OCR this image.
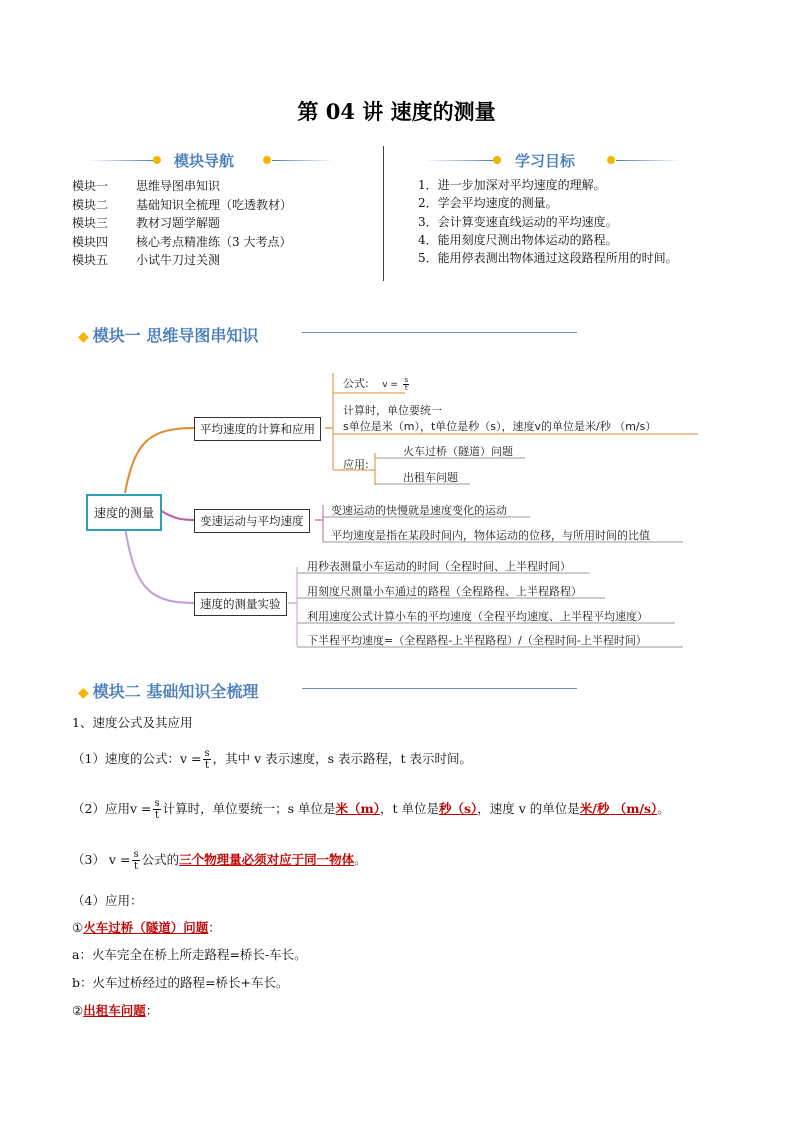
第 04 讲 速度的测量
模块导航
模块一 思维导图串知识
模块二 基础知识全梳理（吃透教材）
模块三 教材习题学解题
模块四 核心考点精准练（3 大考点）
模块五 小试牛刀过关测
学习目标
1．进一步加深对平均速度的理解。
2．学会平均速度的测量。
3．会计算变速直线运动的平均速度。
4．能用刻度尺测出物体运动的路程。
5．能用停表测出物体通过这段路程所用的时间。
◆ 模块一 思维导图串知识
速度的测量
平均速度的计算和应用
变速运动与平均速度
速度的测量实验
公式: $v = \frac{s}{t}$
计算时，单位要统一
s单位是米（m），t单位是秒（s），速度v的单位是米/秒 （m/s）
应用:
火车过桥（隧道）问题
出租车问题
变速运动的快慢就是速度变化的运动
平均速度是指在某段时间内，物体运动的位移，与所用时间的比值
用秒表测量小车运动的时间（全程时间、上半程时间）
用刻度尺测量小车通过的路程（全程路程、上半程路程）
利用速度公式计算小车的平均速度（全程平均速度、上半程平均速度）
下半程平均速度=（全程路程-上半程路程）/（全程时间-上半程时间）
◆ 模块二 基础知识全梳理
1、速度公式及其应用
（1）速度的公式：$v = \frac{s}{t}$ ，其中 v 表示速度，s 表示路程，t 表示时间。
（2）应用$v = \frac{s}{t}$ 计算时，单位要统一；s 单位是米（m），t 单位是秒（s），速度 v 的单位是米/秒 （m/s）。
（3） $v = \frac{s}{t}$ 公式的三个物理量必须对应于同一物体。
（4）应用：
①火车过桥（隧道）问题：
a：火车完全在桥上所走路程=桥长-车长。
b：火车过桥经过的路程=桥长+车长。
②出租车问题：
